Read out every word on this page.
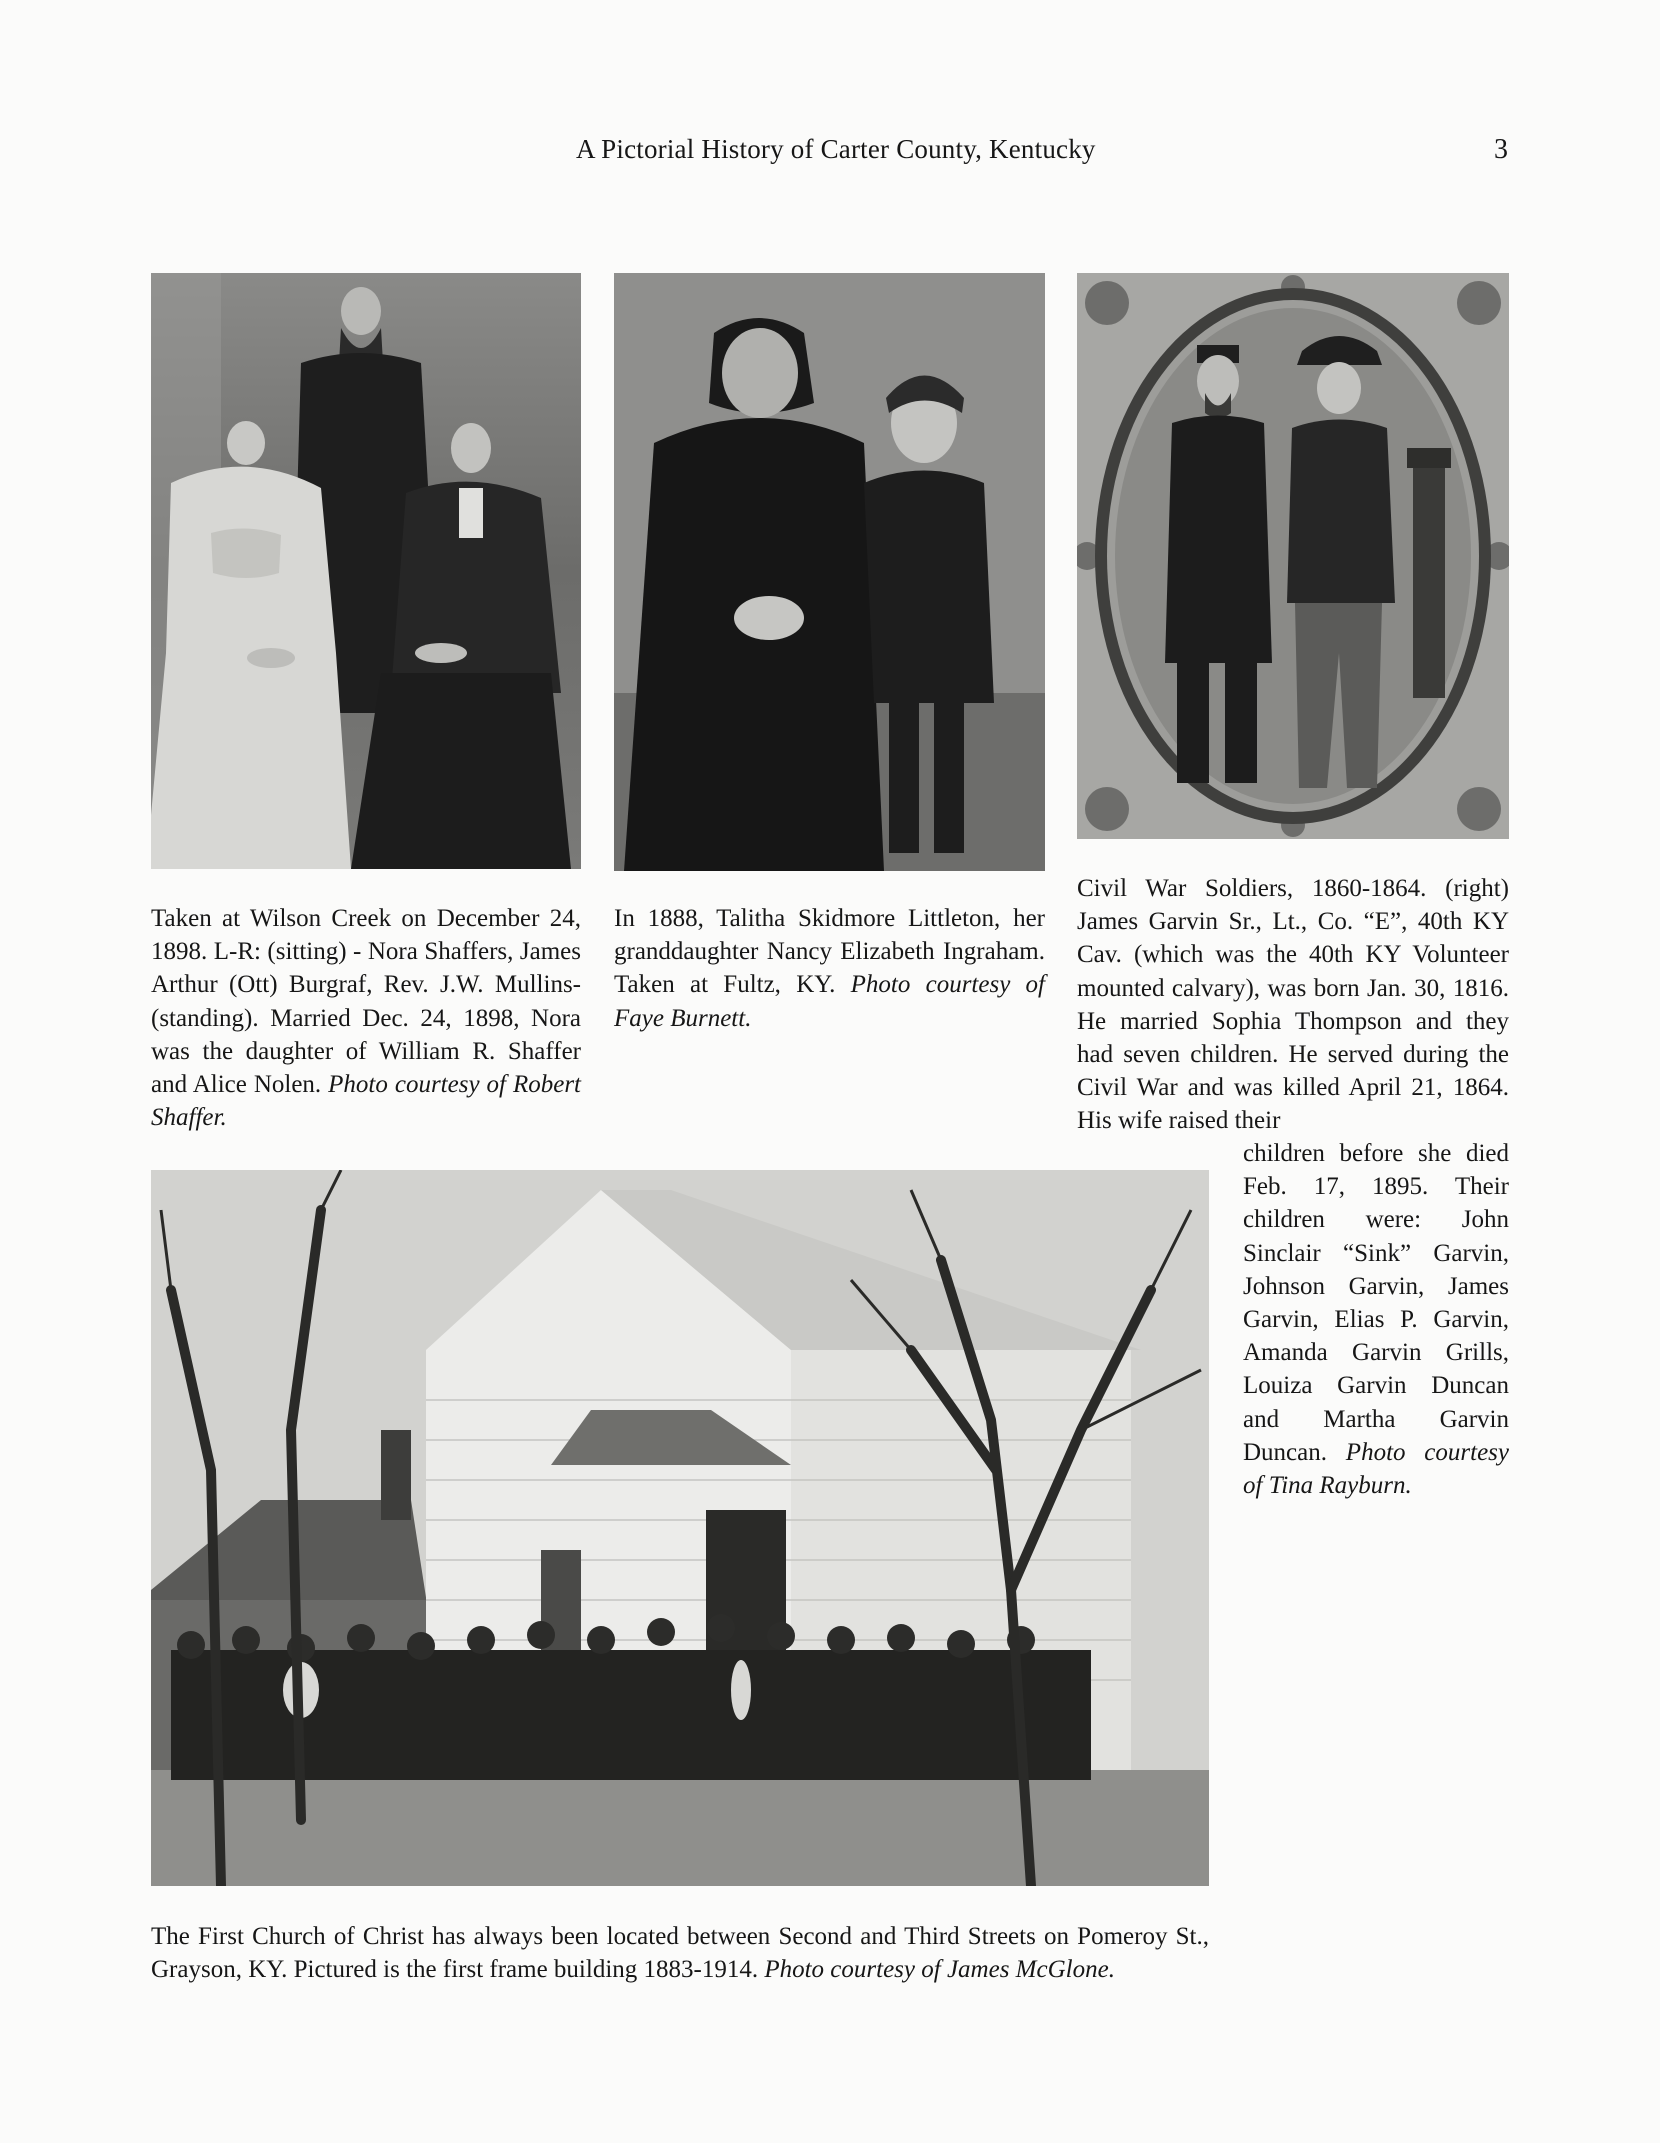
A Pictorial History of Carter County, Kentucky	3
Taken at Wilson Creek on December 24, 1898. L-R: (sitting) - Nora Shaffers, James Arthur (Ott) Burgraf, Rev. J.W. Mullins- (standing). Married Dec. 24, 1898, Nora was the daughter of William R. Shaffer and Alice Nolen. Photo courtesy of Robert Shaffer.
In 1888, Talitha Skidmore Littleton, her granddaughter Nancy Elizabeth Ingraham. Taken at Fultz, KY. Photo courtesy of Faye Burnett.
Civil War Soldiers, 1860-1864. (right) James Garvin Sr., Lt., Co. “E”, 40th KY Cav. (which was the 40th KY Volunteer mounted calvary), was born Jan. 30, 1816. He married Sophia Thompson and they had seven children. He served during the Civil War and was killed April 21, 1864. His wife raised their
children before she died Feb. 17, 1895. Their children were: John Sinclair “Sink” Garvin, Johnson Garvin, James Garvin, Elias P. Garvin, Amanda Garvin Grills, Louiza Garvin Duncan and Martha Garvin Duncan. Photo courtesy of Tina Rayburn.
The First Church of Christ has always been located between Second and Third Streets on Pomeroy St., Grayson, KY. Pictured is the first frame building 1883-1914. Photo courtesy of James McGlone.
